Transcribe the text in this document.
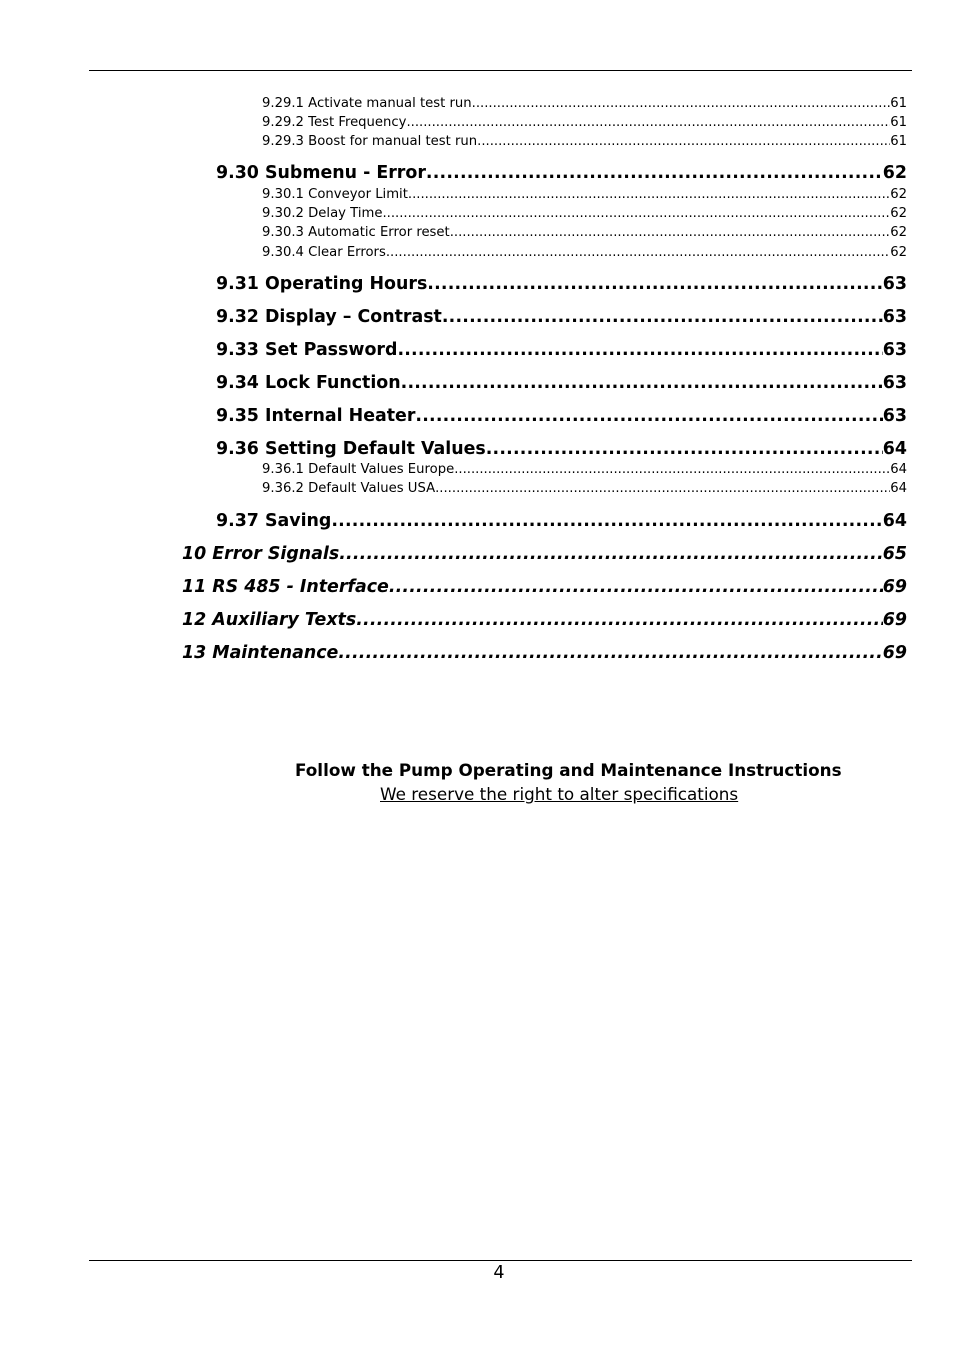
9.29.1 Activate manual test run .....	61
9.29.2 Test Frequency .....	61
9.29.3 Boost for manual test run .....	61
9.30 Submenu - Error .....	62
9.30.1 Conveyor Limit .....	62
9.30.2 Delay Time .....	62
9.30.3 Automatic Error reset .....	62
9.30.4 Clear Errors .....	62
9.31 Operating Hours .....	63
9.32 Display – Contrast .....	63
9.33 Set Password .....	63
9.34 Lock Function .....	63
9.35 Internal Heater .....	63
9.36 Setting Default Values .....	64
9.36.1 Default Values Europe .....	64
9.36.2 Default Values USA .....	64
9.37 Saving .....	64
10 Error Signals .....	65
11 RS 485 - Interface .....	69
12 Auxiliary Texts .....	69
13 Maintenance .....	69
Follow the Pump Operating and Maintenance Instructions
We reserve the right to alter specifications
4
